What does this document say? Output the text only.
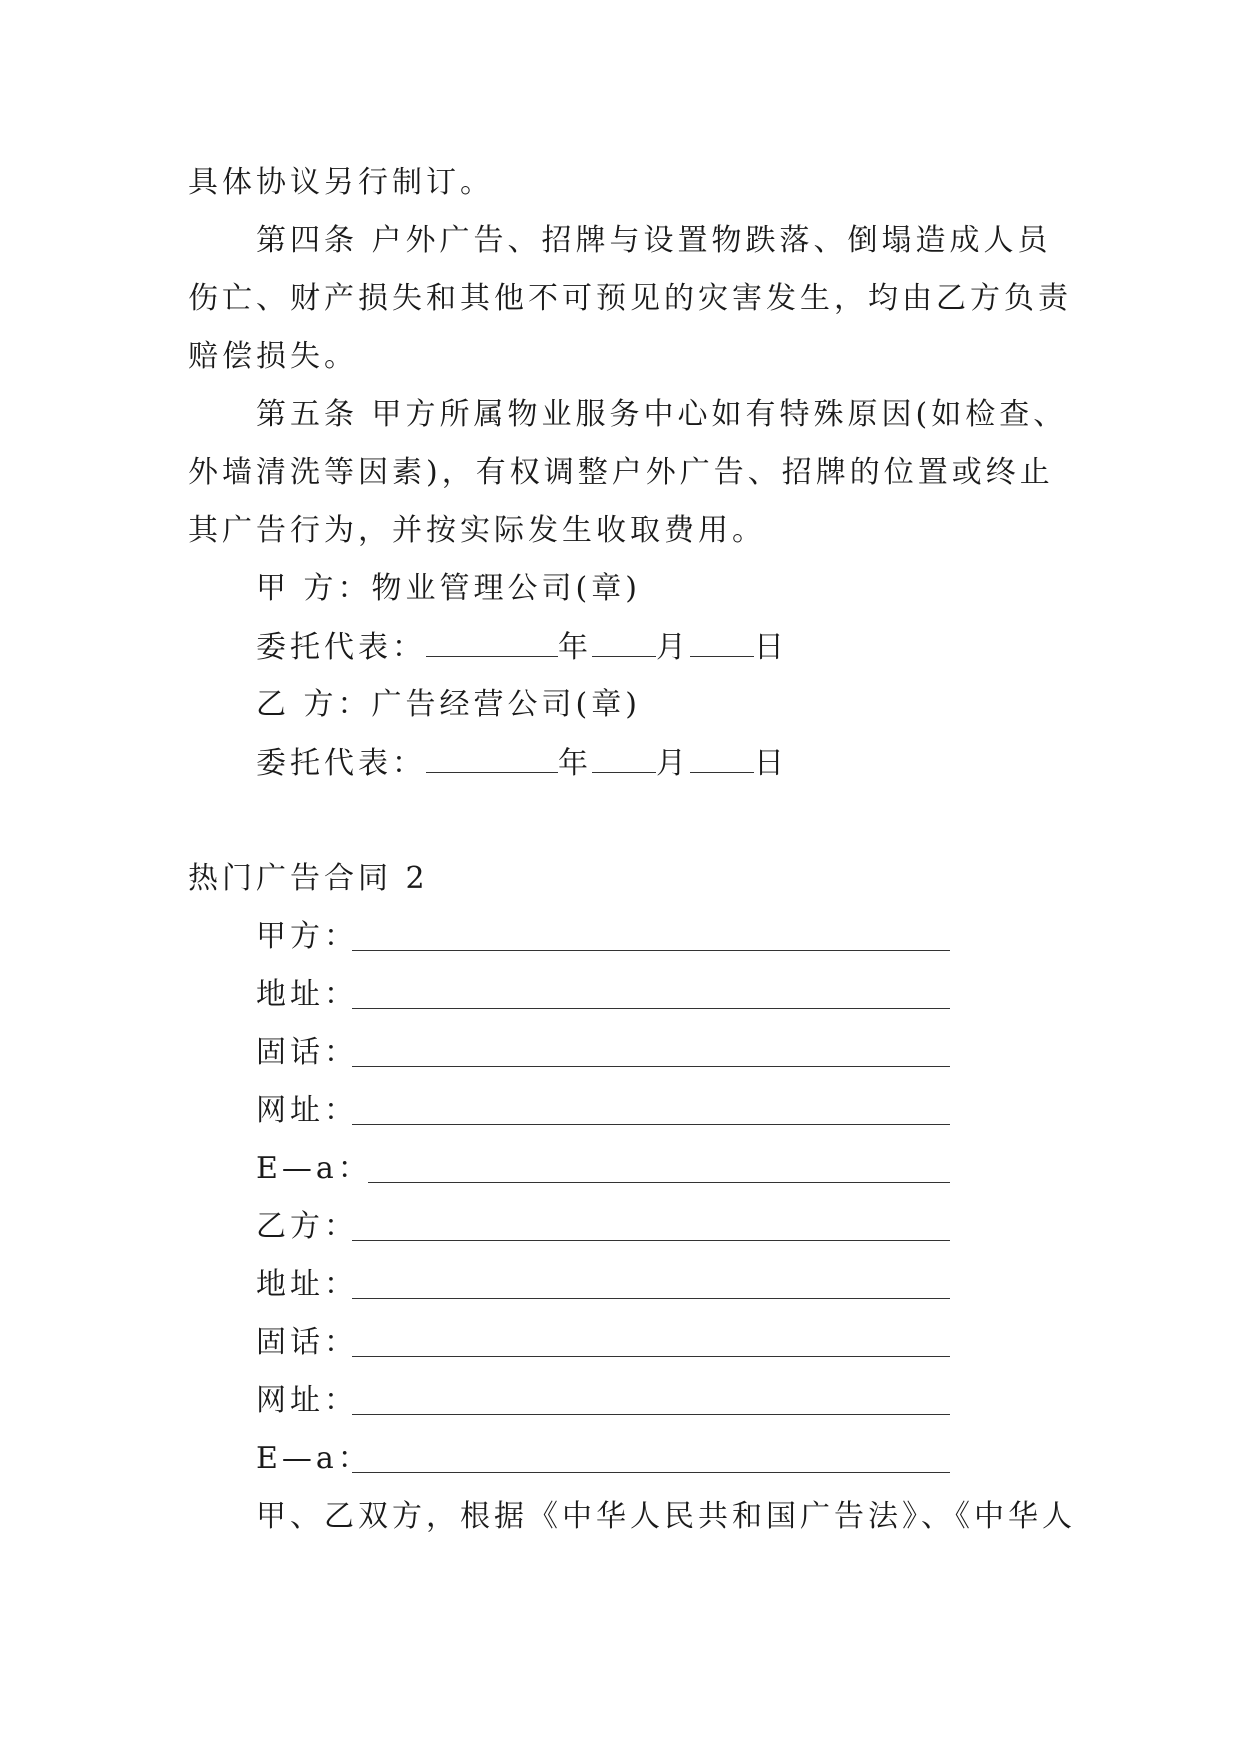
具体协议另行制订。
第四条 户外广告、招牌与设置物跌落、倒塌造成人员
伤亡、财产损失和其他不可预见的灾害发生，均由乙方负责
赔偿损失。
第五条 甲方所属物业服务中心如有特殊原因(如检查、
外墙清洗等因素)，有权调整户外广告、招牌的位置或终止
其广告行为，并按实际发生收取费用。
甲 方：物业管理公司(章)
委托代表：	年 月 日
乙 方：广告经营公司(章)
委托代表：	年 月 日
热门广告合同 2
甲方：
地址：
固话：
网址：
E—a：
乙方：
地址：
固话：
网址：
E—a：
甲、乙双方，根据《中华人民共和国广告法》、《中华人
